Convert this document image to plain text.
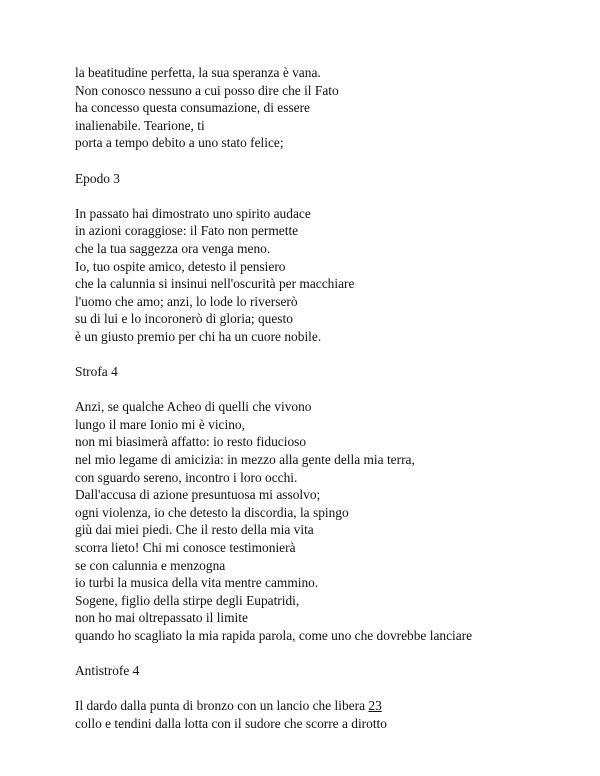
la beatitudine perfetta, la sua speranza è vana.
Non conosco nessuno a cui posso dire che il Fato
ha concesso questa consumazione, di essere
inalienabile. Tearione, ti
porta a tempo debito a uno stato felice;
Epodo 3
In passato hai dimostrato uno spirito audace
in azioni coraggiose: il Fato non permette
che la tua saggezza ora venga meno.
Io, tuo ospite amico, detesto il pensiero
che la calunnia si insinui nell'oscurità per macchiare
l'uomo che amo; anzi, lo lode lo riverserò
su di lui e lo incoronerò di gloria; questo
è un giusto premio per chi ha un cuore nobile.
Strofa 4
Anzi, se qualche Acheo di quelli che vivono
lungo il mare Ionio mi è vicino,
non mi biasimerà affatto: io resto fiducioso
nel mio legame di amicizia: in mezzo alla gente della mia terra,
con sguardo sereno, incontro i loro occhi.
Dall'accusa di azione presuntuosa mi assolvo;
ogni violenza, io che detesto la discordia, la spingo
giù dai miei piedi. Che il resto della mia vita
scorra lieto! Chi mi conosce testimonierà
se con calunnia e menzogna
io turbi la musica della vita mentre cammino.
Sogene, figlio della stirpe degli Eupatridi,
non ho mai oltrepassato il limite
quando ho scagliato la mia rapida parola, come uno che dovrebbe lanciare
Antistrofe 4
Il dardo dalla punta di bronzo con un lancio che libera 23
collo e tendini dalla lotta con il sudore che scorre a dirotto
